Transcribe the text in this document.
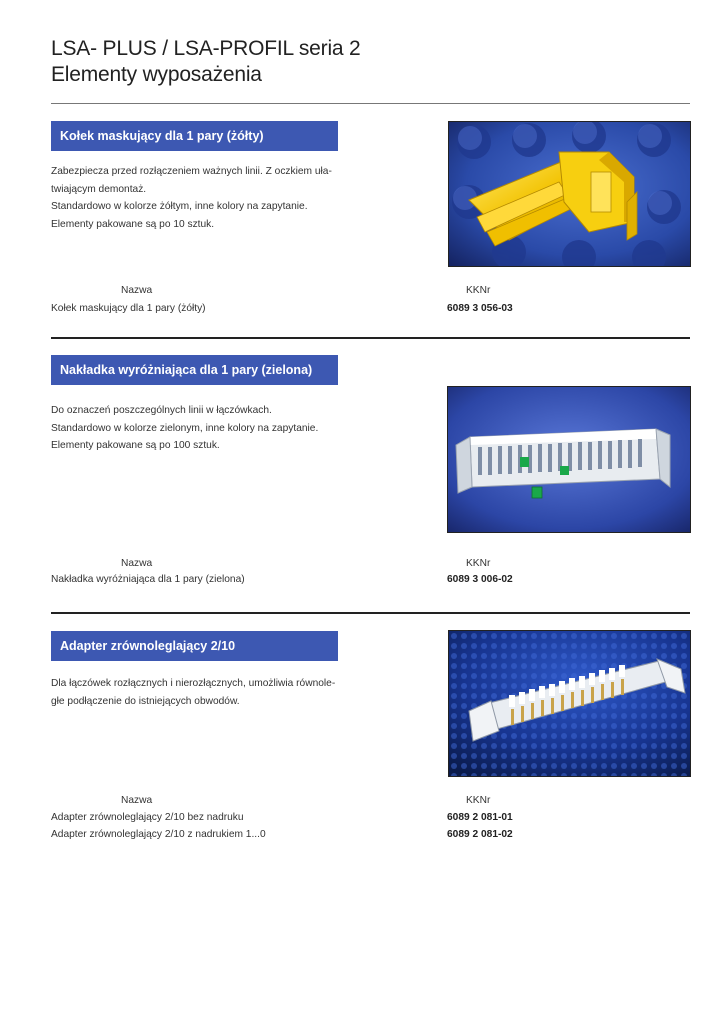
LSA- PLUS / LSA-PROFIL seria 2
Elementy wyposażenia
Kołek maskujący dla 1 pary (żółty)
Zabezpiecza przed rozłączeniem ważnych linii. Z oczkiem uła-
twiającym demontaż.
Standardowo w kolorze żółtym, inne kolory na zapytanie.
Elementy pakowane są po 10 sztuk.
Nazwa	KKNr
Kołek maskujący dla 1 pary (żółty)	6089 3 056-03
Nakładka wyróżniająca dla 1 pary (zielona)
Do oznaczeń poszczególnych linii w łączówkach.
Standardowo w kolorze zielonym, inne kolory na zapytanie.
Elementy pakowane są po 100 sztuk.
Nazwa	KKNr
Nakładka wyróżniająca dla 1 pary (zielona)	6089 3 006-02
Adapter zrównoleglający 2/10
Dla łączówek rozłącznych i nierozłącznych, umożliwia równole-
głe podłączenie do istniejących obwodów.
Nazwa	KKNr
Adapter zrównoleglający 2/10 bez nadruku	6089 2 081-01
Adapter zrównoleglający 2/10 z nadrukiem 1...0	6089 2 081-02
